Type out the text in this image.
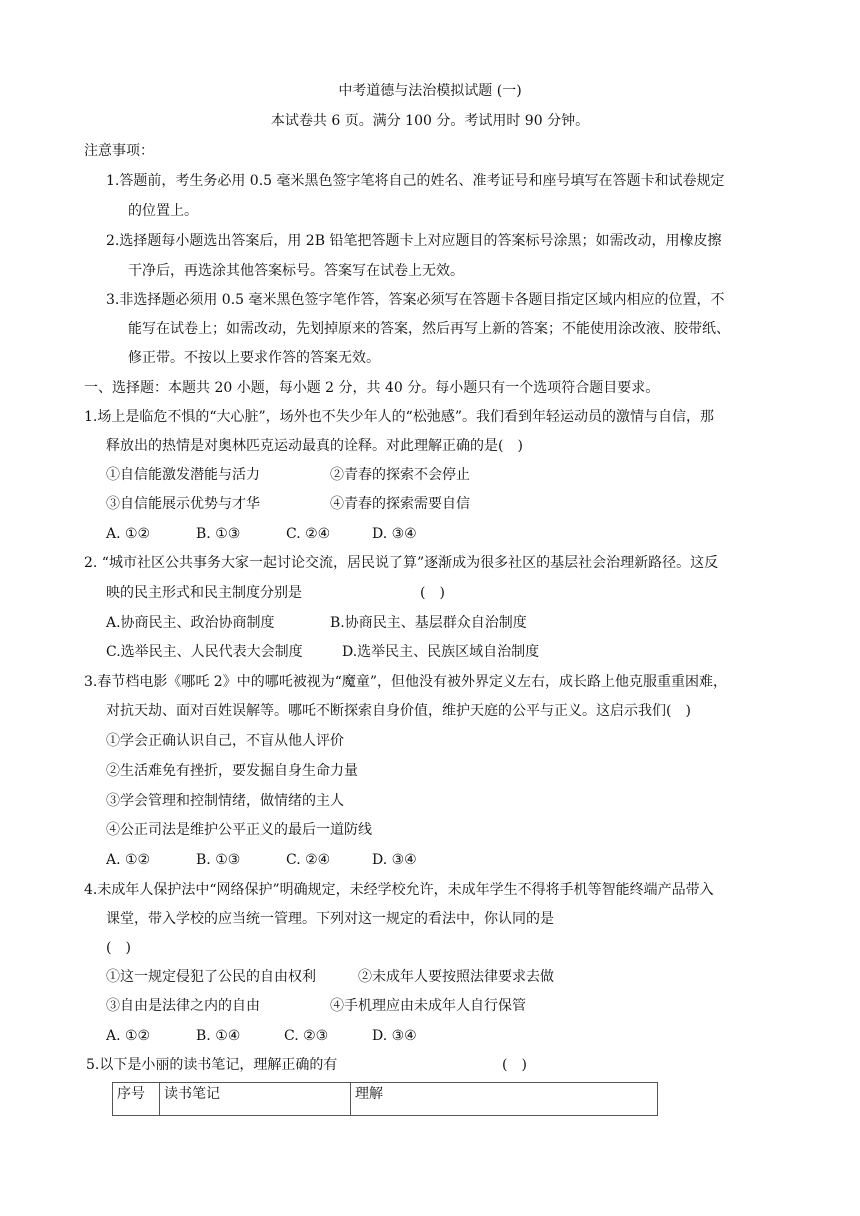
中考道德与法治模拟试题 (一)
本试卷共 6 页。满分 100 分。考试用时 90 分钟。
注意事项：
1.答题前，考生务必用 0.5 毫米黑色签字笔将自己的姓名、准考证号和座号填写在答题卡和试卷规定
的位置上。
2.选择题每小题选出答案后，用 2B 铅笔把答题卡上对应题目的答案标号涂黑；如需改动，用橡皮擦
干净后，再选涂其他答案标号。答案写在试卷上无效。
3.非选择题必须用 0.5 毫米黑色签字笔作答，答案必须写在答题卡各题目指定区域内相应的位置，不
能写在试卷上；如需改动，先划掉原来的答案，然后再写上新的答案；不能使用涂改液、胶带纸、
修正带。不按以上要求作答的答案无效。
一、选择题：本题共 20 小题，每小题 2 分，共 40 分。每小题只有一个选项符合题目要求。
1.场上是临危不惧的“大心脏”，场外也不失少年人的“松弛感”。我们看到年轻运动员的激情与自信，那
释放出的热情是对奥林匹克运动最真的诠释。对此理解正确的是(　)
①自信能激发潜能与活力	②青春的探索不会停止
③自信能展示优势与才华	④青春的探索需要自信
A. ①②	B. ①③	C. ②④	D. ③④
2. “城市社区公共事务大家一起讨论交流，居民说了算”逐渐成为很多社区的基层社会治理新路径。这反
映的民主形式和民主制度分别是	(　)
A.协商民主、政治协商制度	B.协商民主、基层群众自治制度
C.选举民主、人民代表大会制度	D.选举民主、民族区域自治制度
3.春节档电影《哪吒 2》中的哪吒被视为“魔童”，但他没有被外界定义左右，成长路上他克服重重困难，
对抗天劫、面对百姓误解等。哪吒不断探索自身价值，维护天庭的公平与正义。这启示我们(　)
①学会正确认识自己，不盲从他人评价
②生活难免有挫折，要发掘自身生命力量
③学会管理和控制情绪，做情绪的主人
④公正司法是维护公平正义的最后一道防线
A. ①②	B. ①③	C. ②④	D. ③④
4.未成年人保护法中“网络保护”明确规定，未经学校允许，未成年学生不得将手机等智能终端产品带入
课堂，带入学校的应当统一管理。下列对这一规定的看法中，你认同的是
(　)
①这一规定侵犯了公民的自由权利	②未成年人要按照法律要求去做
③自由是法律之内的自由	④手机理应由未成年人自行保管
A. ①②	B. ①④	C. ②③	D. ③④
5.以下是小丽的读书笔记，理解正确的有	(　)
序号	读书笔记	理解
